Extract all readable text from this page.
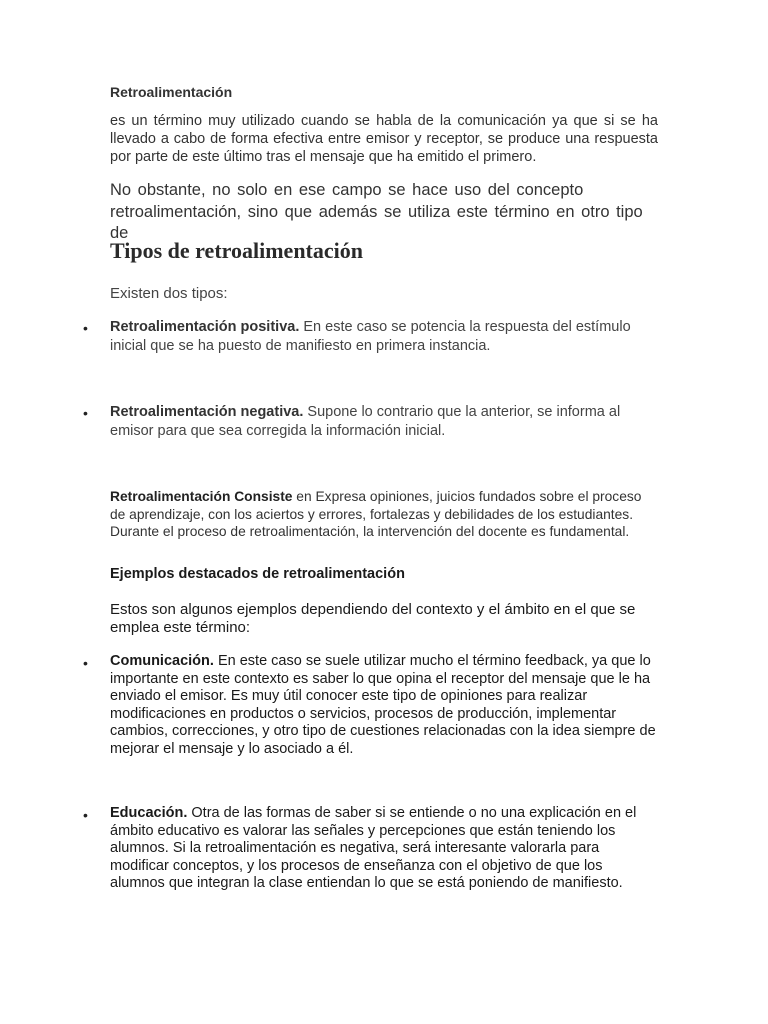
Retroalimentación

es un término muy utilizado cuando se habla de la comunicación ya que si se ha llevado a cabo de forma efectiva entre emisor y receptor, se produce una respuesta por parte de este último tras el mensaje que ha emitido el primero.

No obstante, no solo en ese campo se hace uso del concepto retroalimentación, sino que además se utiliza este término en otro tipo de

Tipos de retroalimentación

Existen dos tipos:

• Retroalimentación positiva. En este caso se potencia la respuesta del estímulo inicial que se ha puesto de manifiesto en primera instancia.

• Retroalimentación negativa. Supone lo contrario que la anterior, se informa al emisor para que sea corregida la información inicial.

Retroalimentación Consiste en Expresa opiniones, juicios fundados sobre el proceso de aprendizaje, con los aciertos y errores, fortalezas y debilidades de los estudiantes. Durante el proceso de retroalimentación, la intervención del docente es fundamental.

Ejemplos destacados de retroalimentación

Estos son algunos ejemplos dependiendo del contexto y el ámbito en el que se emplea este término:

• Comunicación. En este caso se suele utilizar mucho el término feedback, ya que lo importante en este contexto es saber lo que opina el receptor del mensaje que le ha enviado el emisor. Es muy útil conocer este tipo de opiniones para realizar modificaciones en productos o servicios, procesos de producción, implementar cambios, correcciones, y otro tipo de cuestiones relacionadas con la idea siempre de mejorar el mensaje y lo asociado a él.

• Educación. Otra de las formas de saber si se entiende o no una explicación en el ámbito educativo es valorar las señales y percepciones que están teniendo los alumnos. Si la retroalimentación es negativa, será interesante valorarla para modificar conceptos, y los procesos de enseñanza con el objetivo de que los alumnos que integran la clase entiendan lo que se está poniendo de manifiesto.
